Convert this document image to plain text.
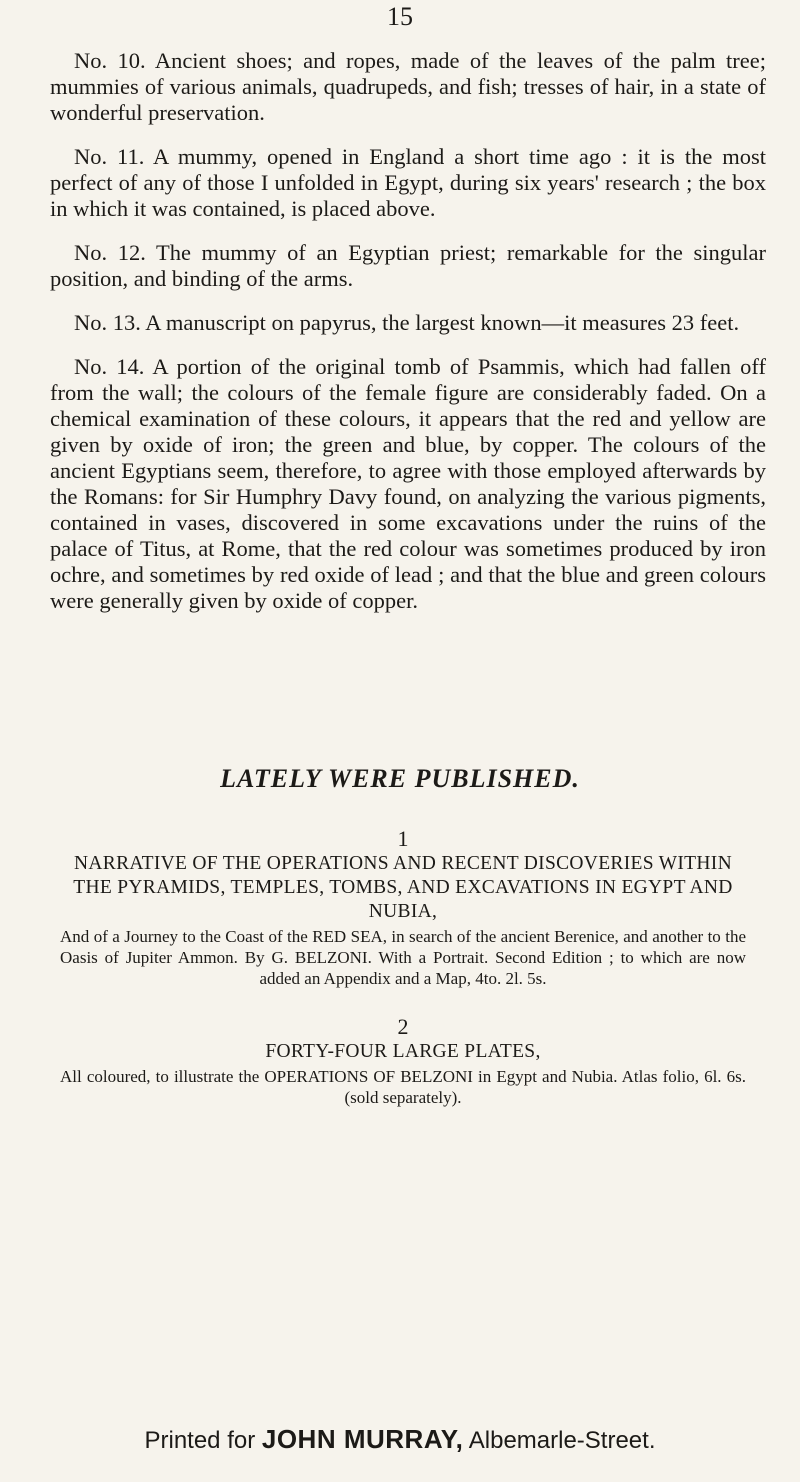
15

No. 10. Ancient shoes; and ropes, made of the leaves of the palm tree; mummies of various animals, quadrupeds, and fish; tresses of hair, in a state of wonderful preservation.

No. 11. A mummy, opened in England a short time ago : it is the most perfect of any of those I unfolded in Egypt, during six years' research ; the box in which it was contained, is placed above.

No. 12. The mummy of an Egyptian priest; remarkable for the singular position, and binding of the arms.

No. 13. A manuscript on papyrus, the largest known—it measures 23 feet.

No. 14. A portion of the original tomb of Psammis, which had fallen off from the wall; the colours of the female figure are considerably faded. On a chemical examination of these colours, it appears that the red and yellow are given by oxide of iron; the green and blue, by copper. The colours of the ancient Egyptians seem, therefore, to agree with those employed afterwards by the Romans: for Sir Humphry Davy found, on analyzing the various pigments, contained in vases, discovered in some excavations under the ruins of the palace of Titus, at Rome, that the red colour was sometimes produced by iron ochre, and sometimes by red oxide of lead ; and that the blue and green colours were generally given by oxide of copper.

LATELY WERE PUBLISHED.
1
NARRATIVE OF THE OPERATIONS AND RECENT DISCOVERIES WITHIN THE PYRAMIDS, TEMPLES, TOMBS, AND EXCAVATIONS IN EGYPT AND NUBIA,
And of a Journey to the Coast of the RED SEA, in search of the ancient Berenice, and another to the Oasis of Jupiter Ammon. By G. BELZONI. With a Portrait. Second Edition ; to which are now added an Appendix and a Map, 4to. 2l. 5s.
2
FORTY-FOUR LARGE PLATES,
All coloured, to illustrate the OPERATIONS OF BELZONI in Egypt and Nubia. Atlas folio, 6l. 6s. (sold separately).
Printed for JOHN MURRAY, Albemarle-Street.
